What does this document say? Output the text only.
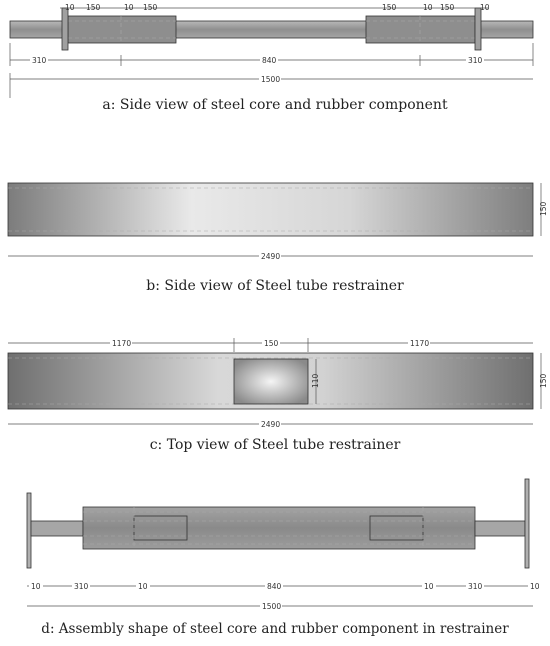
10 150	10 150	150	10 150	10
310	840	310
1500
2490
150
1170	150	1170
110	150
2490
10	310	10	840	10	310	10
1500
a: Side view of steel core and rubber component
b: Side view of Steel tube restrainer
c: Top view of Steel tube restrainer
d: Assembly shape of steel core and rubber component in restrainer
